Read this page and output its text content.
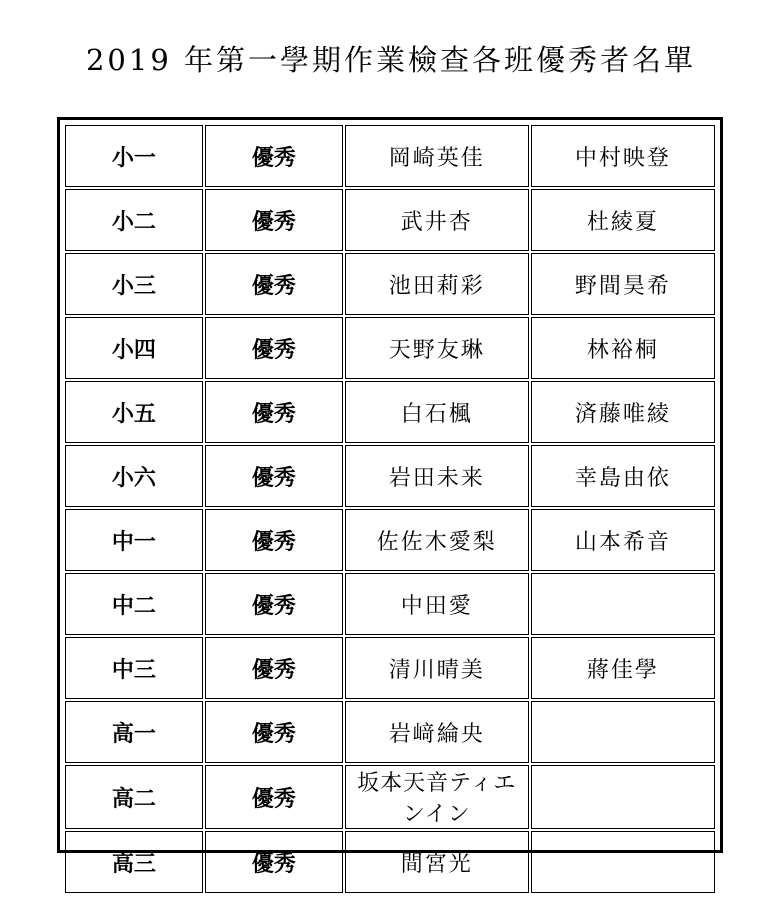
2019 年第一學期作業檢查各班優秀者名單
小一	優秀	岡崎英佳	中村映登
小二	優秀	武井杏	杜綾夏
小三	優秀	池田莉彩	野間昊希
小四	優秀	天野友琳	林裕桐
小五	優秀	白石楓	済藤唯綾
小六	優秀	岩田未来	幸島由依
中一	優秀	佐佐木愛梨	山本希音
中二	優秀	中田愛	
中三	優秀	清川晴美	蔣佳學
高一	優秀	岩﨑綸央	
高二	優秀	坂本天音ティエンイン	
高三	優秀	間宮光	
